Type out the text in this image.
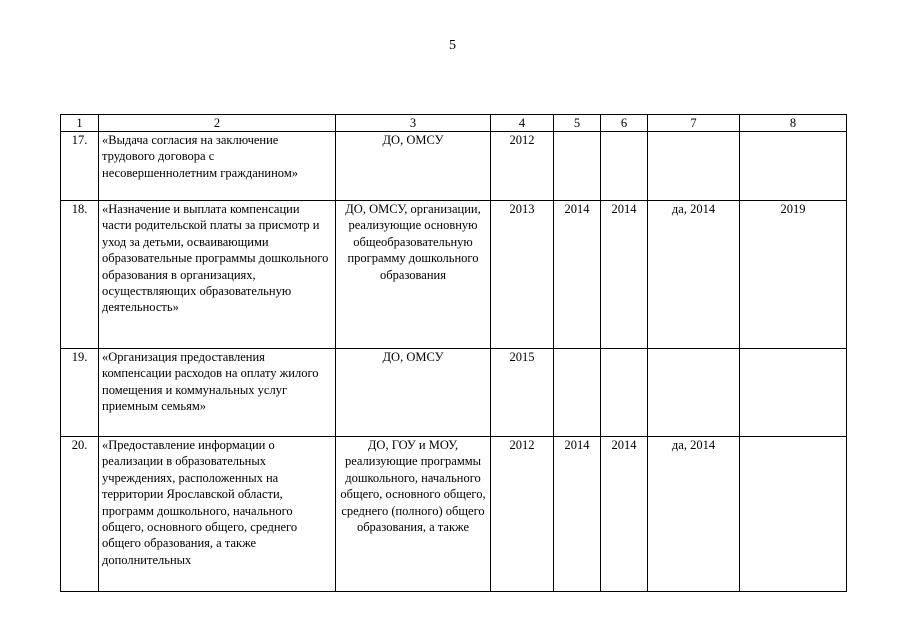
5
1	2	3	4	5	6	7	8
17.	«Выдача согласия на заключение трудового договора с несовершеннолетним гражданином»	ДО, ОМСУ	2012				
18.	«Назначение и выплата компенсации части родительской платы за присмотр и уход за детьми, осваивающими образовательные программы дошкольного образования в организациях, осуществляющих образовательную деятельность»	ДО, ОМСУ, организации, реализующие основную общеобразовательную программу дошкольного образования	2013	2014	2014	да, 2014	2019
19.	«Организация предоставления компенсации расходов на оплату жилого помещения и коммунальных услуг приемным семьям»	ДО, ОМСУ	2015				
20.	«Предоставление информации о реализации в образовательных учреждениях, расположенных на территории Ярославской области, программ дошкольного, начального общего, основного общего, среднего общего образования, а также дополнительных	ДО, ГОУ и МОУ, реализующие программы дошкольного, начального общего, основного общего, среднего (полного) общего образования, а также	2012	2014	2014	да, 2014	
